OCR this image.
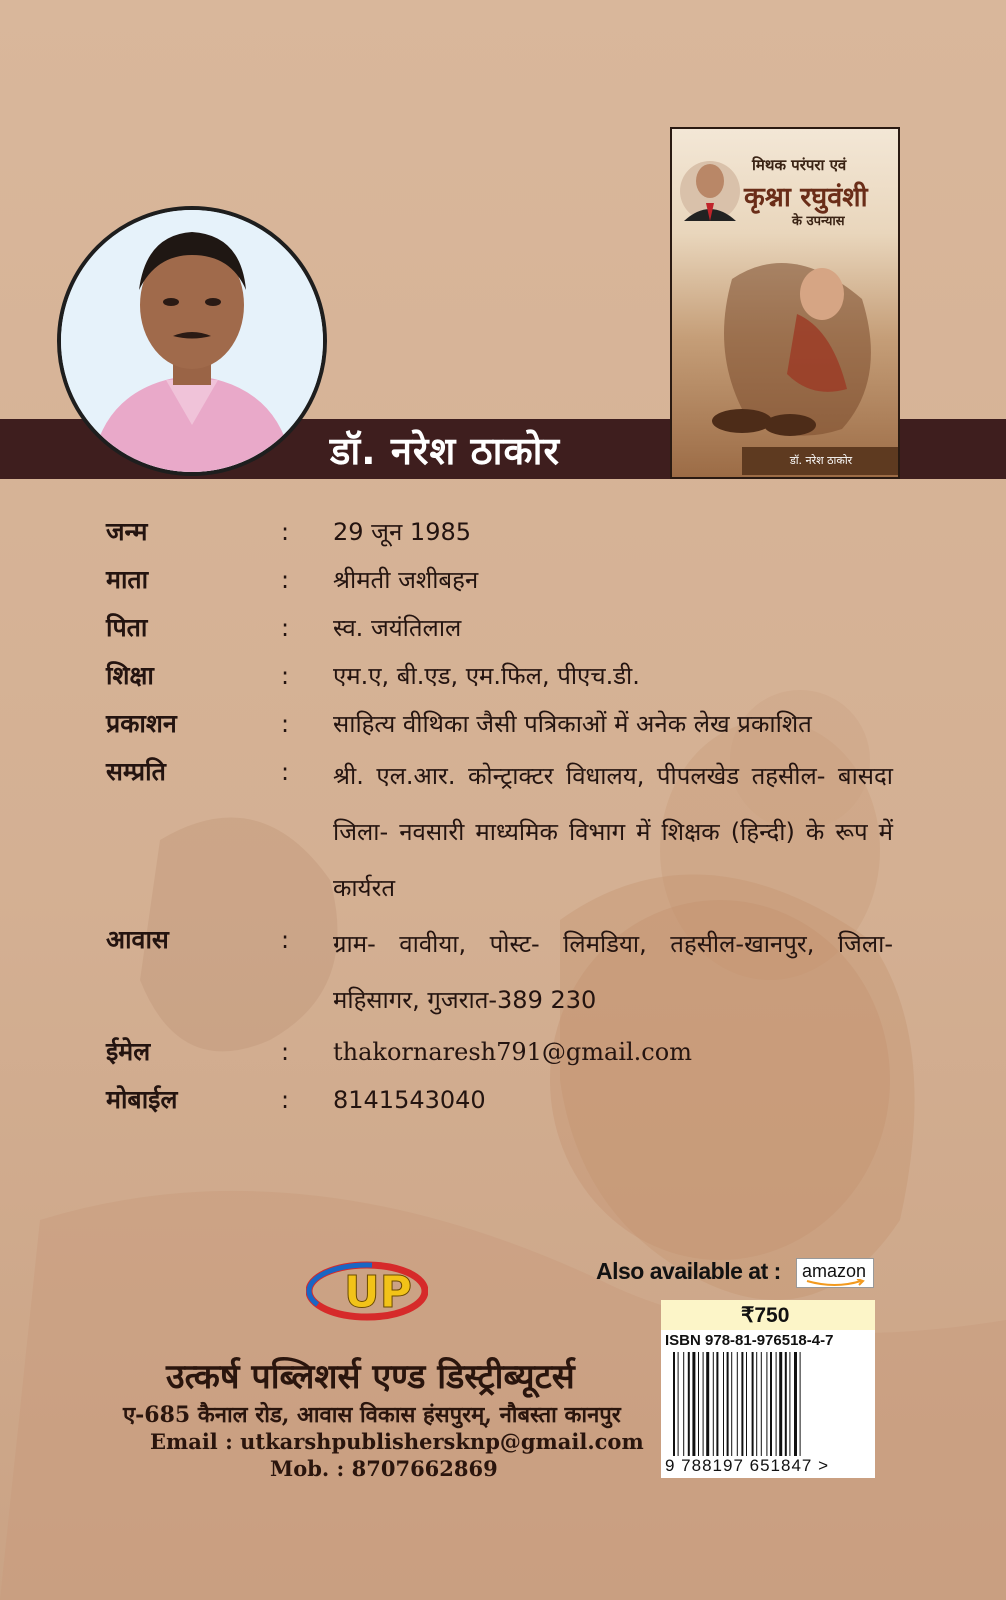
डॉ. नरेश ठाकोर
मिथक परंपरा एवं
कृश्ना रघुवंशी
के उपन्यास
डॉ. नरेश ठाकोर
जन्म	:	29 जून 1985
माता	:	श्रीमती जशीबहन
पिता	:	स्व. जयंतिलाल
शिक्षा	:	एम.ए, बी.एड, एम.फिल, पीएच.डी.
प्रकाशन	:	साहित्य वीथिका जैसी पत्रिकाओं में अनेक लेख प्रकाशित
सम्प्रति	:	श्री. एल.आर. कोन्ट्राक्टर विधालय, पीपलखेड तहसील- बासदा जिला- नवसारी माध्यमिक विभाग में शिक्षक (हिन्दी) के रूप में कार्यरत
आवास	:	ग्राम- वावीया, पोस्ट- लिमडिया, तहसील-खानपुर, जिला- महिसागर, गुजरात-389 230
ईमेल	:	thakornaresh791@gmail.com
मोबाईल	:	8141543040
UP
उत्कर्ष पब्लिशर्स एण्ड डिस्ट्रीब्यूटर्स
ए-685 कैनाल रोड, आवास विकास हंसपुरम्, नौबस्ता कानपुर
Email : utkarshpublishersknp@gmail.com
Mob. : 8707662869
Also available at : amazon
₹750
ISBN 978-81-976518-4-7
9 788197 651847 >
